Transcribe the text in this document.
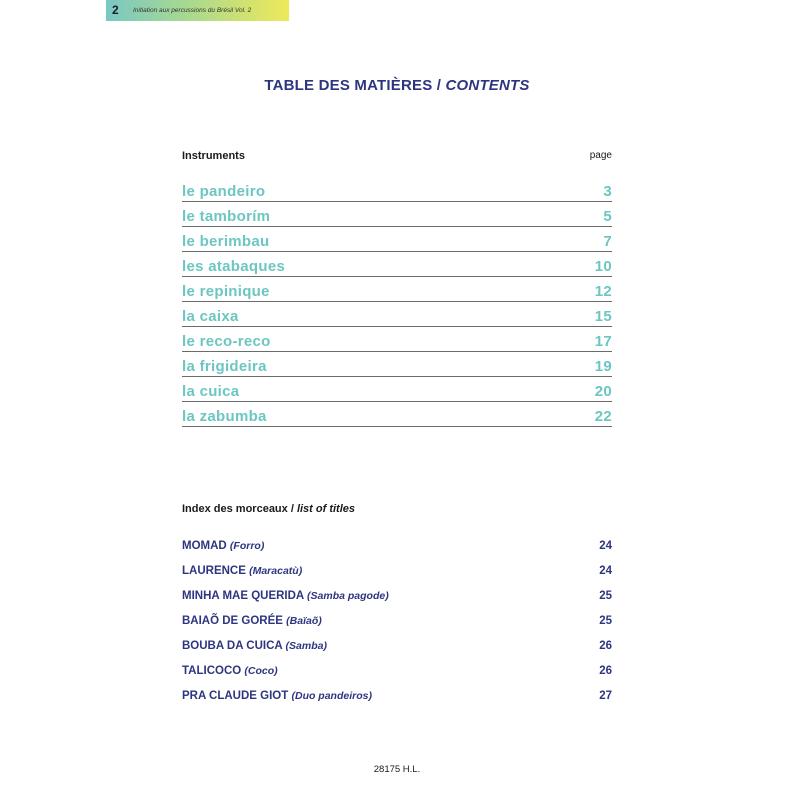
2 Initiation aux percussions du Brésil Vol. 2
TABLE DES MATIÈRES / CONTENTS
Instruments	page
le pandeiro	3
le tamborím	5
le berimbau	7
les atabaques	10
le repinique	12
la caixa	15
le reco-reco	17
la frigideira	19
la cuica	20
la zabumba	22
Index des morceaux / list of titles
MOMAD (Forro)	24
LAURENCE (Maracatù)	24
MINHA MAE QUERIDA (Samba pagode)	25
BAIAÕ DE GORÉE (Baïaõ)	25
BOUBA DA CUICA (Samba)	26
TALICOCO (Coco)	26
PRA CLAUDE GIOT (Duo pandeiros)	27
28175 H.L.
